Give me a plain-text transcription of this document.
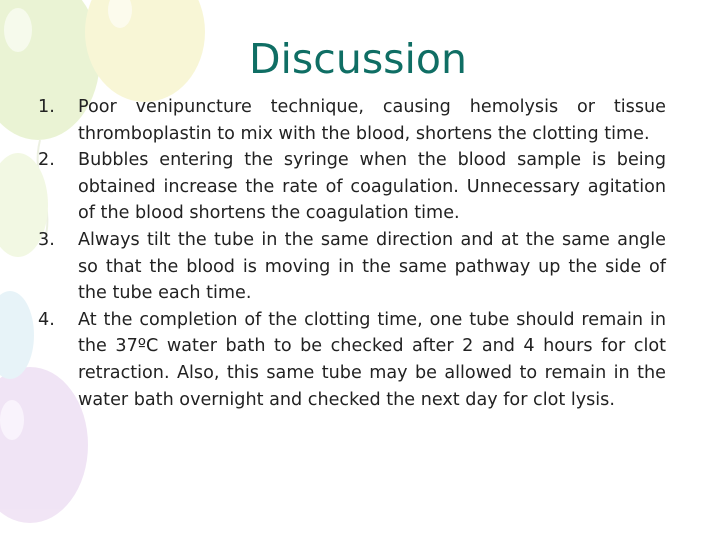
Discussion
1.	Poor venipuncture technique, causing hemolysis or tissue thromboplastin to mix with the blood, shortens the clotting time.
2.	Bubbles entering the syringe when the blood sample is being obtained increase the rate of coagulation. Unnecessary agitation of the blood shortens the coagulation time.
3.	Always tilt the tube in the same direction and at the same angle so that the blood is moving in the same pathway up the side of the tube each time.
4.	At the completion of the clotting time, one tube should remain in the 37ºC water bath to be checked after 2 and 4 hours for clot retraction. Also, this same tube may be allowed to remain in the water bath overnight and checked the next day for clot lysis.
